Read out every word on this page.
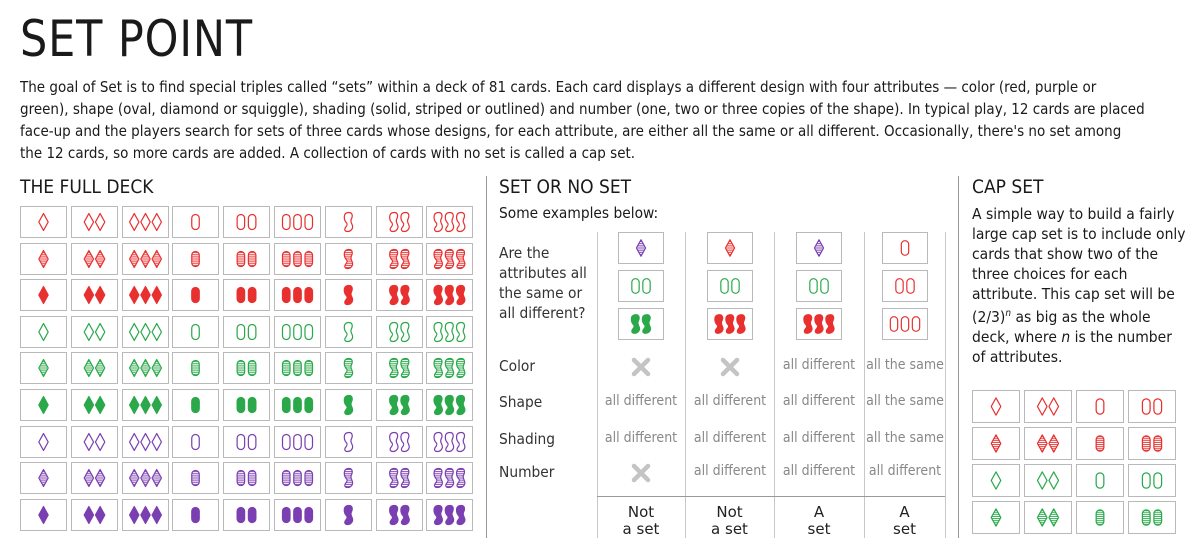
SET POINT
The goal of Set is to find special triples called “sets” within a deck of 81 cards. Each card displays a different design with four attributes — color (red, purple or green), shape (oval, diamond or squiggle), shading (solid, striped or outlined) and number (one, two or three copies of the shape). In typical play, 12 cards are placed face-up and the players search for sets of three cards whose designs, for each attribute, are either all the same or all different. Occasionally, there's no set among the 12 cards, so more cards are added. A collection of cards with no set is called a cap set.
THE FULL DECK	SET OR NO SET	CAP SET
Some examples below:
Are the attributes all the same or all different?
Color
Shape
Shading
Number
all different
all different
Not
a set
all different
all different
all different
Not
a set
all different
all different
all different
all different
A
set
all the same
all the same
all the same
all different
A
set
A simple way to build a fairly large cap set is to include only cards that show two of the three choices for each attribute. This cap set will be $(2/3)^n$ as big as the whole deck, where n is the number of attributes.
